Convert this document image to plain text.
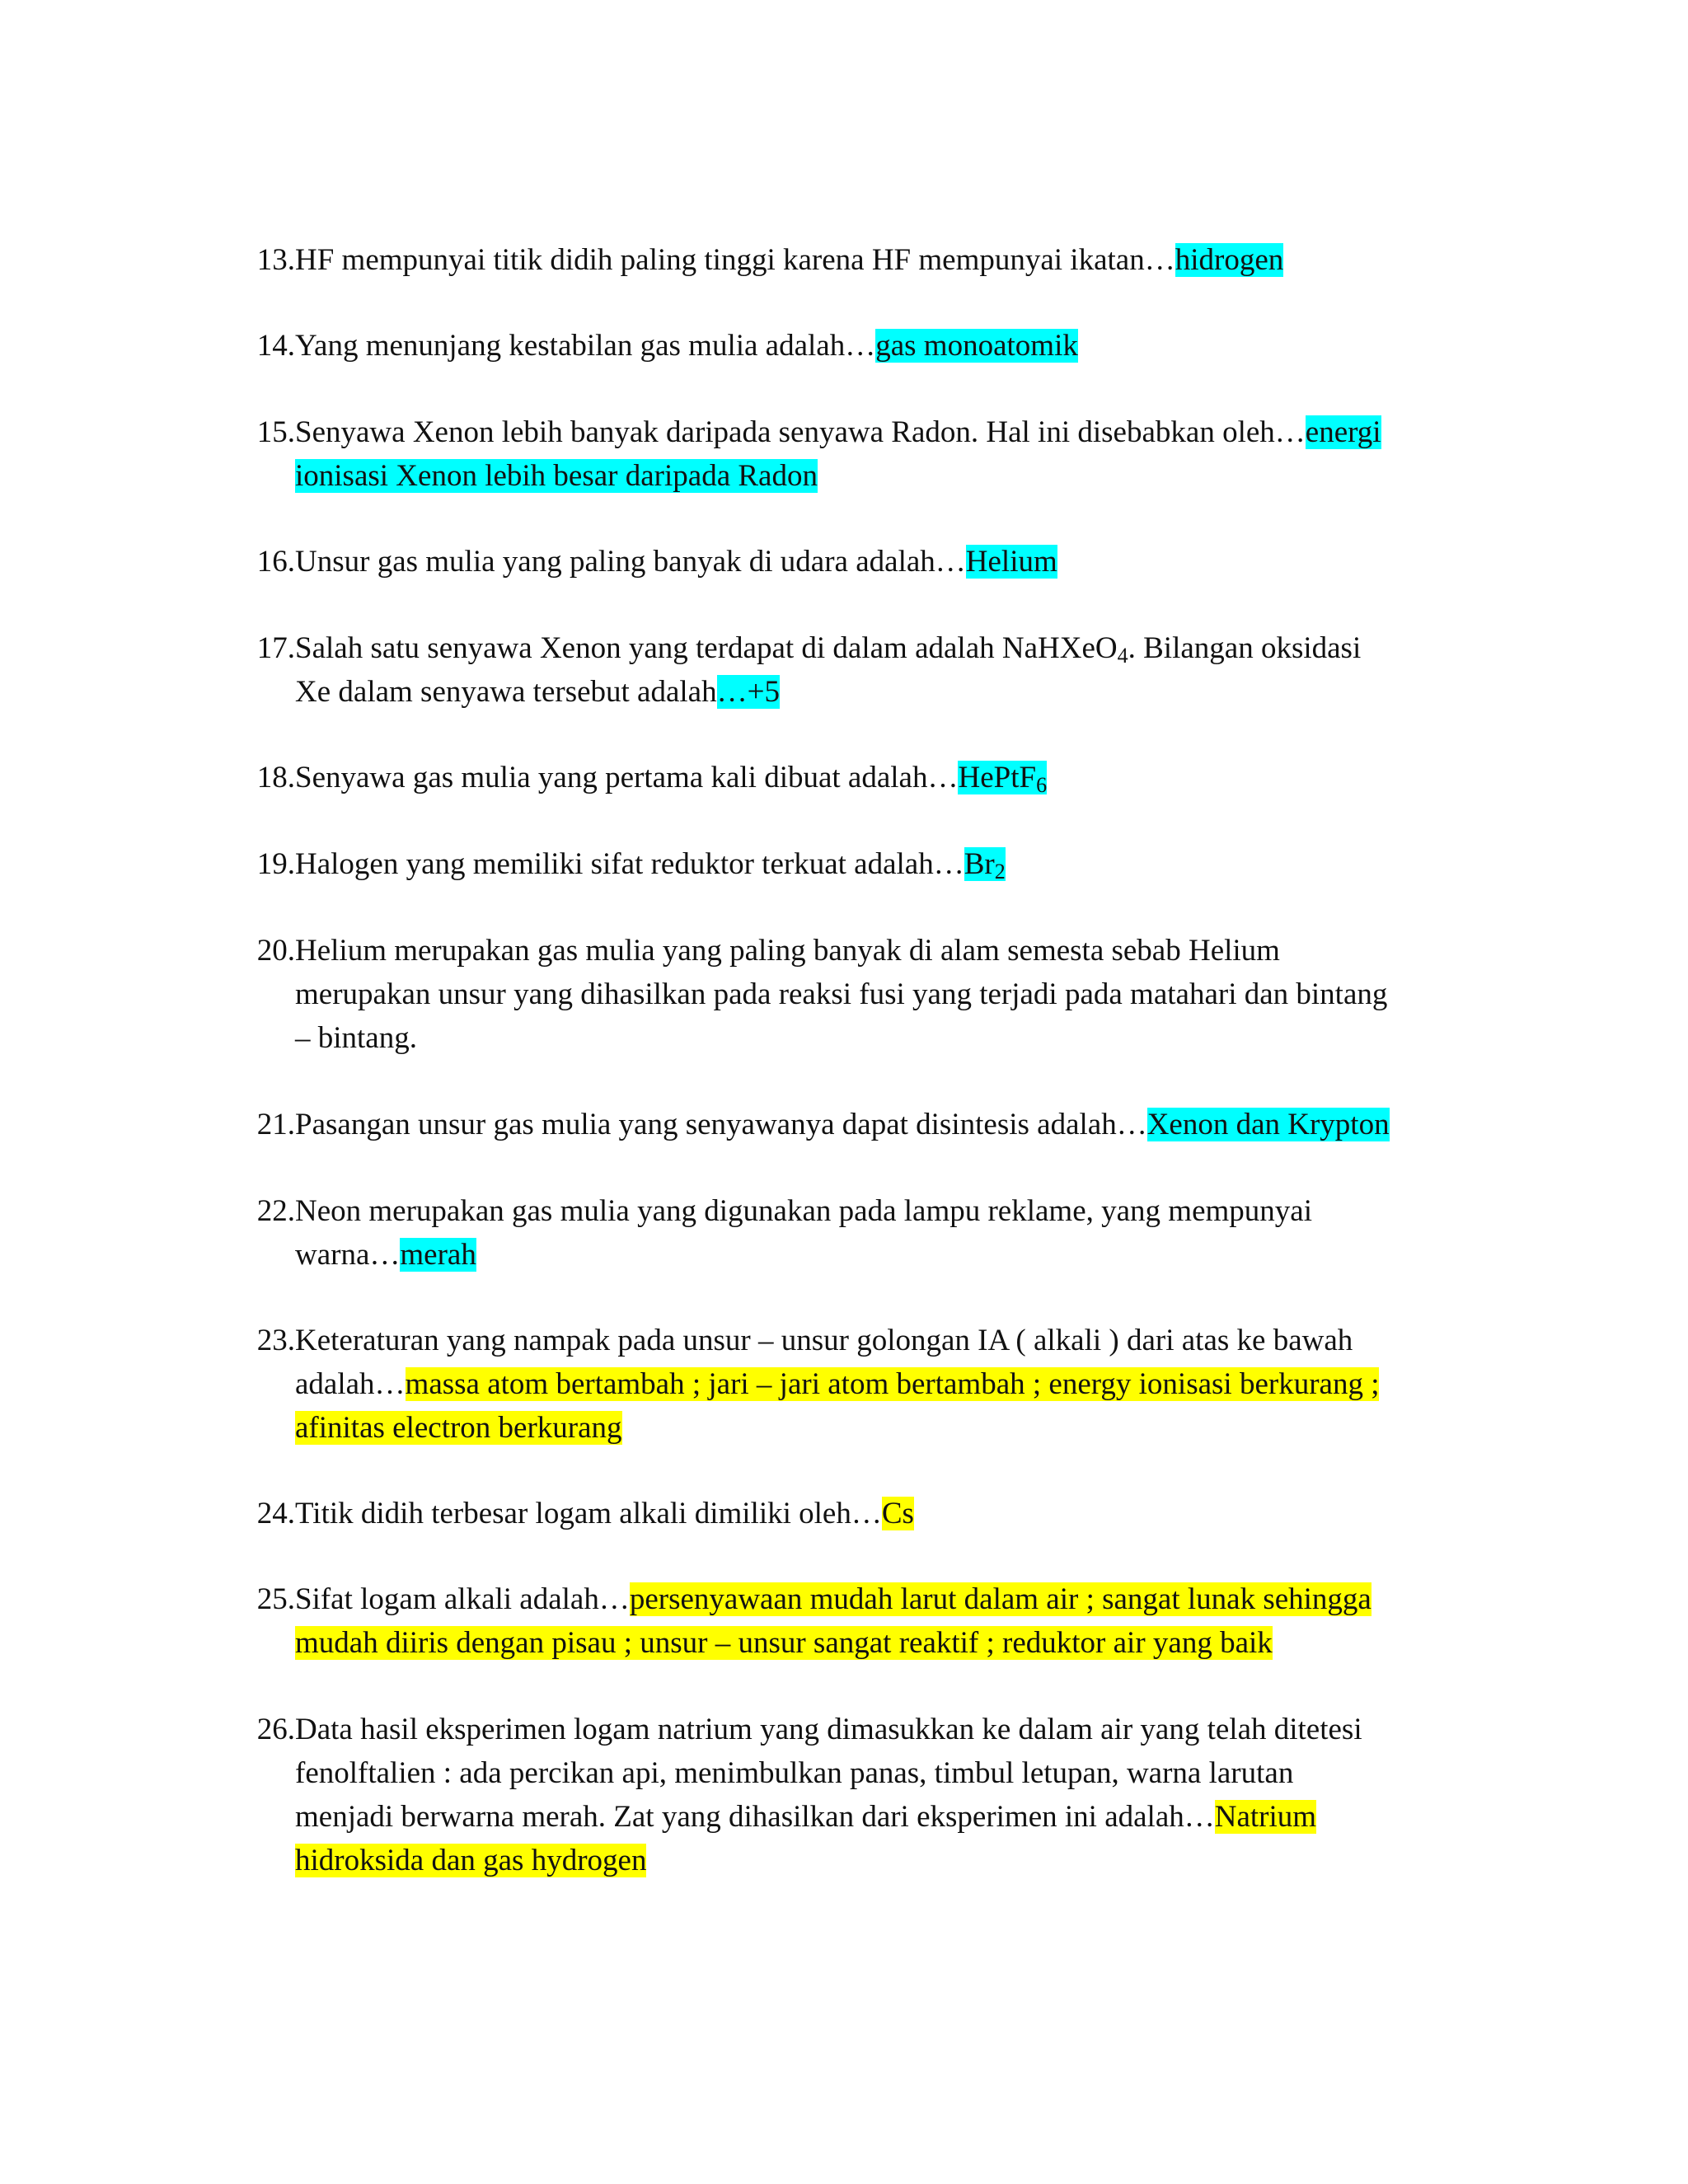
13. HF mempunyai titik didih paling tinggi karena HF mempunyai ikatan…hidrogen
14. Yang menunjang kestabilan gas mulia adalah…gas monoatomik
15. Senyawa Xenon lebih banyak daripada senyawa Radon. Hal ini disebabkan oleh…energi
ionisasi Xenon lebih besar daripada Radon
16. Unsur gas mulia yang paling banyak di udara adalah…Helium
17. Salah satu senyawa Xenon yang terdapat di dalam adalah NaHXeO$_4$. Bilangan oksidasi
Xe dalam senyawa tersebut adalah…+5
18. Senyawa gas mulia yang pertama kali dibuat adalah…HePtF$_6$
19. Halogen yang memiliki sifat reduktor terkuat $adalah\dots Br_2$
20. Helium merupakan gas mulia yang paling banyak di alam semesta sebab Helium
merupakan unsur yang dihasilkan pada reaksi fusi yang terjadi pada matahari dan bintang
– bintang.
21. Pasangan unsur gas mulia yang senyawanya dapat disintesis adalah…Xenon dan Krypton
22. Neon merupakan gas mulia yang digunakan pada lampu reklame, yang mempunyai
warna…merah
23. Keteraturan yang nampak pada unsur – unsur golongan IA ( alkali ) dari atas ke bawah
adalah…massa atom bertambah ; jari – jari atom bertambah ; energy ionisasi berkurang ;
afinitas electron berkurang
24. Titik didih terbesar logam alkali dimiliki oleh…Cs
25. Sifat logam alkali adalah…persenyawaan mudah larut dalam air ; sangat lunak sehingga
mudah diiris dengan pisau ; unsur – unsur sangat reaktif ; reduktor air yang baik
26. Data hasil eksperimen logam natrium yang dimasukkan ke dalam air yang telah ditetesi
fenolftalien : ada percikan api, menimbulkan panas, timbul letupan, warna larutan
menjadi berwarna merah. Zat yang dihasilkan dari eksperimen ini adalah…Natrium
hidroksida dan gas hydrogen
